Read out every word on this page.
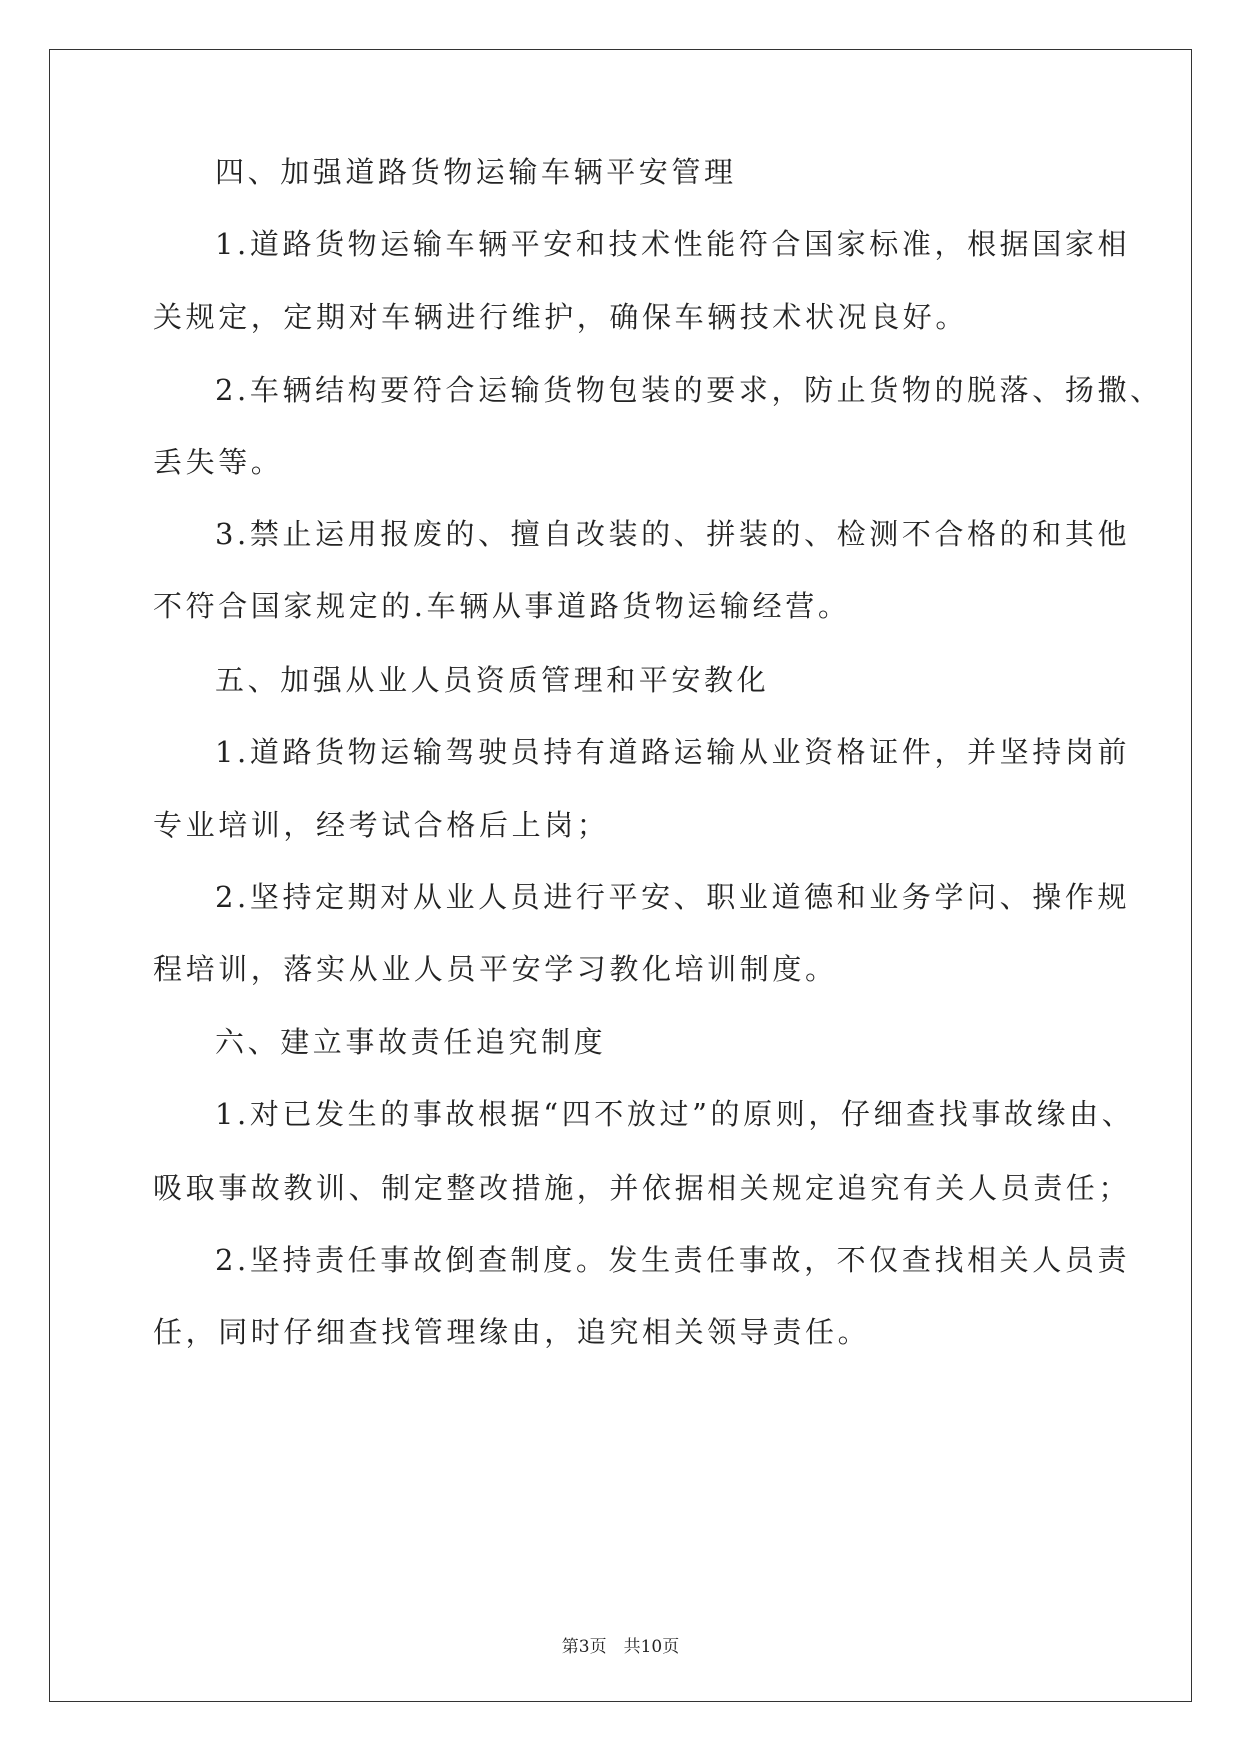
四、加强道路货物运输车辆平安管理
1.道路货物运输车辆平安和技术性能符合国家标准，根据国家相
关规定，定期对车辆进行维护，确保车辆技术状况良好。
2.车辆结构要符合运输货物包装的要求，防止货物的脱落、扬撒、
丢失等。
3.禁止运用报废的、擅自改装的、拼装的、检测不合格的和其他
不符合国家规定的.车辆从事道路货物运输经营。
五、加强从业人员资质管理和平安教化
1.道路货物运输驾驶员持有道路运输从业资格证件，并坚持岗前
专业培训，经考试合格后上岗；
2.坚持定期对从业人员进行平安、职业道德和业务学问、操作规
程培训，落实从业人员平安学习教化培训制度。
六、建立事故责任追究制度
1.对已发生的事故根据“四不放过”的原则，仔细查找事故缘由、
吸取事故教训、制定整改措施，并依据相关规定追究有关人员责任；
2.坚持责任事故倒查制度。发生责任事故，不仅查找相关人员责
任，同时仔细查找管理缘由，追究相关领导责任。
第3页　共10页
